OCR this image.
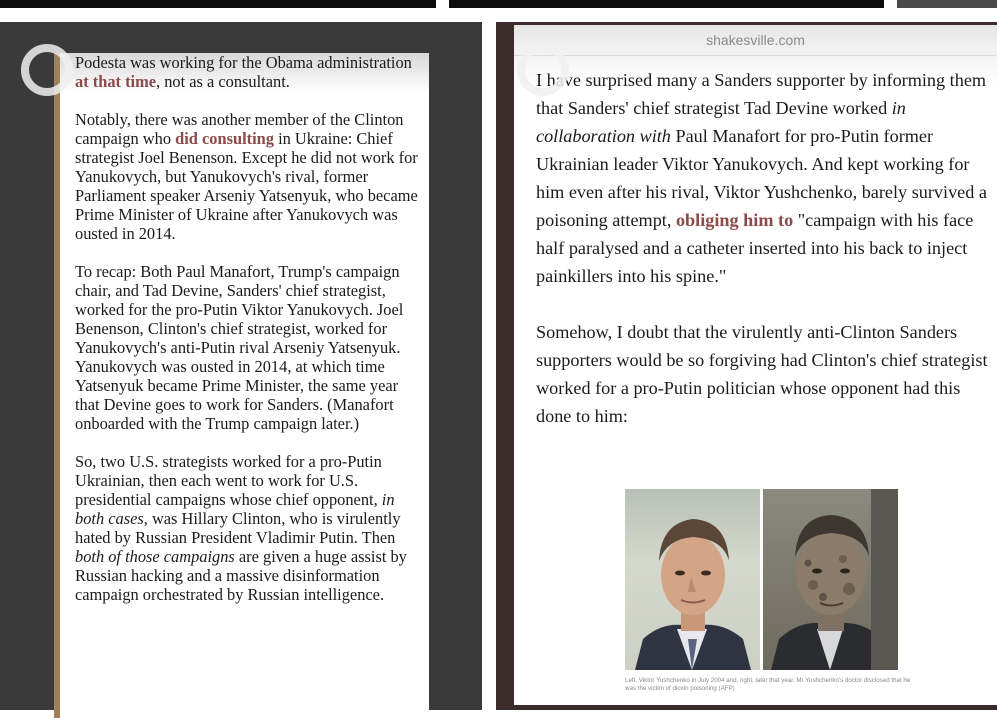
Podesta was working for the Obama administration at that time, not as a consultant.

Notably, there was another member of the Clinton campaign who did consulting in Ukraine: Chief strategist Joel Benenson. Except he did not work for Yanukovych, but Yanukovych's rival, former Parliament speaker Arseniy Yatsenyuk, who became Prime Minister of Ukraine after Yanukovych was ousted in 2014.

To recap: Both Paul Manafort, Trump's campaign chair, and Tad Devine, Sanders' chief strategist, worked for the pro-Putin Viktor Yanukovych. Joel Benenson, Clinton's chief strategist, worked for Yanukovych's anti-Putin rival Arseniy Yatsenyuk. Yanukovych was ousted in 2014, at which time Yatsenyuk became Prime Minister, the same year that Devine goes to work for Sanders. (Manafort onboarded with the Trump campaign later.)

So, two U.S. strategists worked for a pro-Putin Ukrainian, then each went to work for U.S. presidential campaigns whose chief opponent, in both cases, was Hillary Clinton, who is virulently hated by Russian President Vladimir Putin. Then both of those campaigns are given a huge assist by Russian hacking and a massive disinformation campaign orchestrated by Russian intelligence.

shakesville.com

I have surprised many a Sanders supporter by informing them that Sanders' chief strategist Tad Devine worked in collaboration with Paul Manafort for pro-Putin former Ukrainian leader Viktor Yanukovych. And kept working for him even after his rival, Viktor Yushchenko, barely survived a poisoning attempt, obliging him to "campaign with his face half paralysed and a catheter inserted into his back to inject painkillers into his spine."

Somehow, I doubt that the virulently anti-Clinton Sanders supporters would be so forgiving had Clinton's chief strategist worked for a pro-Putin politician whose opponent had this done to him:

Left, Viktor Yushchenko in July 2004 and, right, later that year. Mr Yushchenko's doctor disclosed that he was the victim of dioxin poisoning (AFP)
